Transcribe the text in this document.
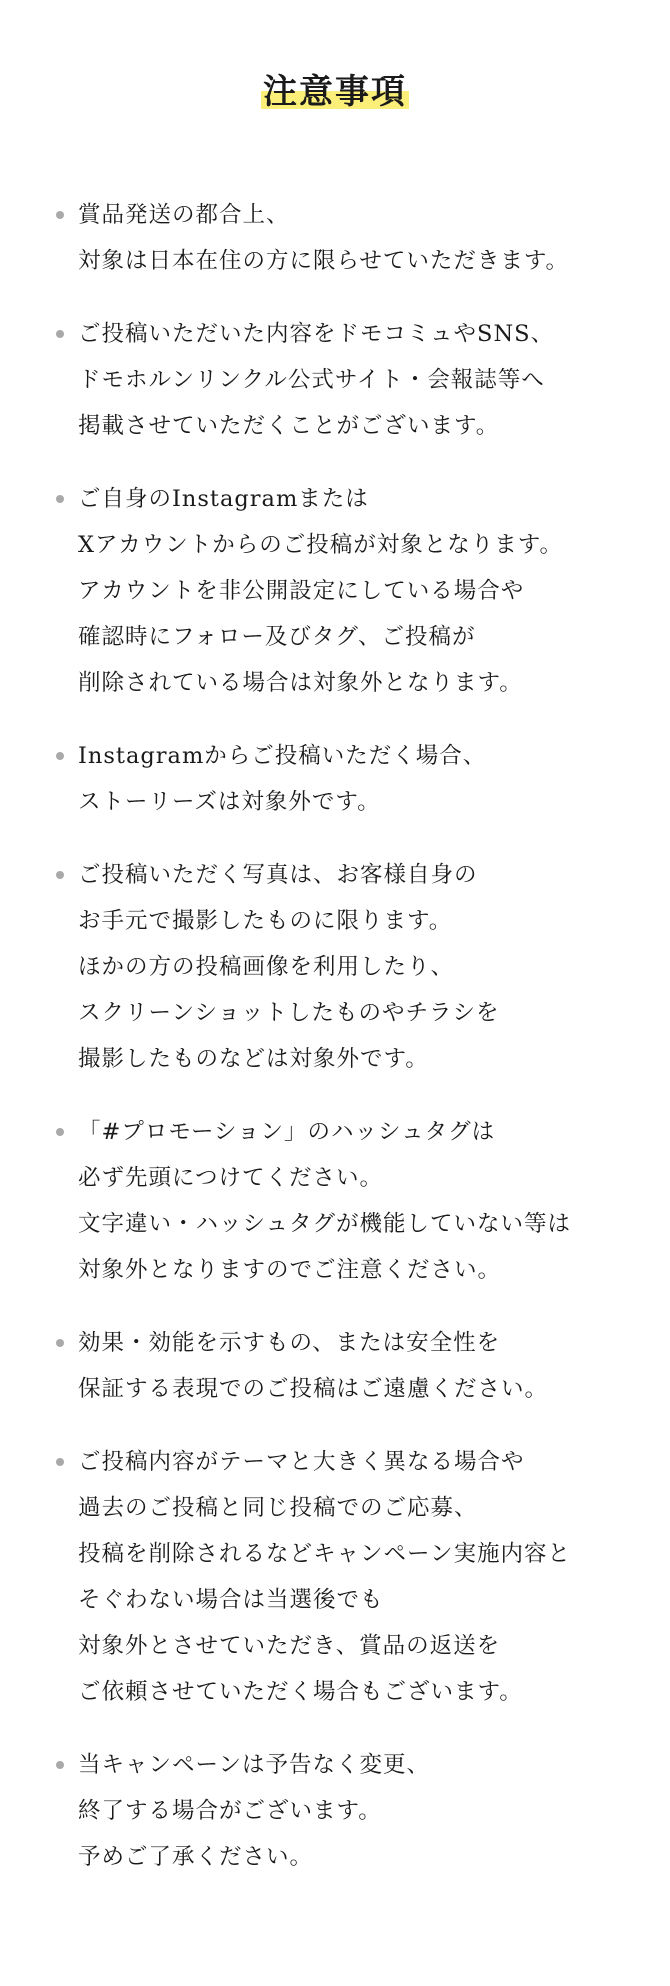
注意事項
賞品発送の都合上、
対象は日本在住の方に限らせていただきます。
ご投稿いただいた内容をドモコミュやSNS、
ドモホルンリンクル公式サイト・会報誌等へ
掲載させていただくことがございます。
ご自身のInstagramまたは
Xアカウントからのご投稿が対象となります。
アカウントを非公開設定にしている場合や
確認時にフォロー及びタグ、ご投稿が
削除されている場合は対象外となります。
Instagramからご投稿いただく場合、
ストーリーズは対象外です。
ご投稿いただく写真は、お客様自身の
お手元で撮影したものに限ります。
ほかの方の投稿画像を利用したり、
スクリーンショットしたものやチラシを
撮影したものなどは対象外です。
「#プロモーション」のハッシュタグは
必ず先頭につけてください。
文字違い・ハッシュタグが機能していない等は
対象外となりますのでご注意ください。
効果・効能を示すもの、または安全性を
保証する表現でのご投稿はご遠慮ください。
ご投稿内容がテーマと大きく異なる場合や
過去のご投稿と同じ投稿でのご応募、
投稿を削除されるなどキャンペーン実施内容と
そぐわない場合は当選後でも
対象外とさせていただき、賞品の返送を
ご依頼させていただく場合もございます。
当キャンペーンは予告なく変更、
終了する場合がございます。
予めご了承ください。
